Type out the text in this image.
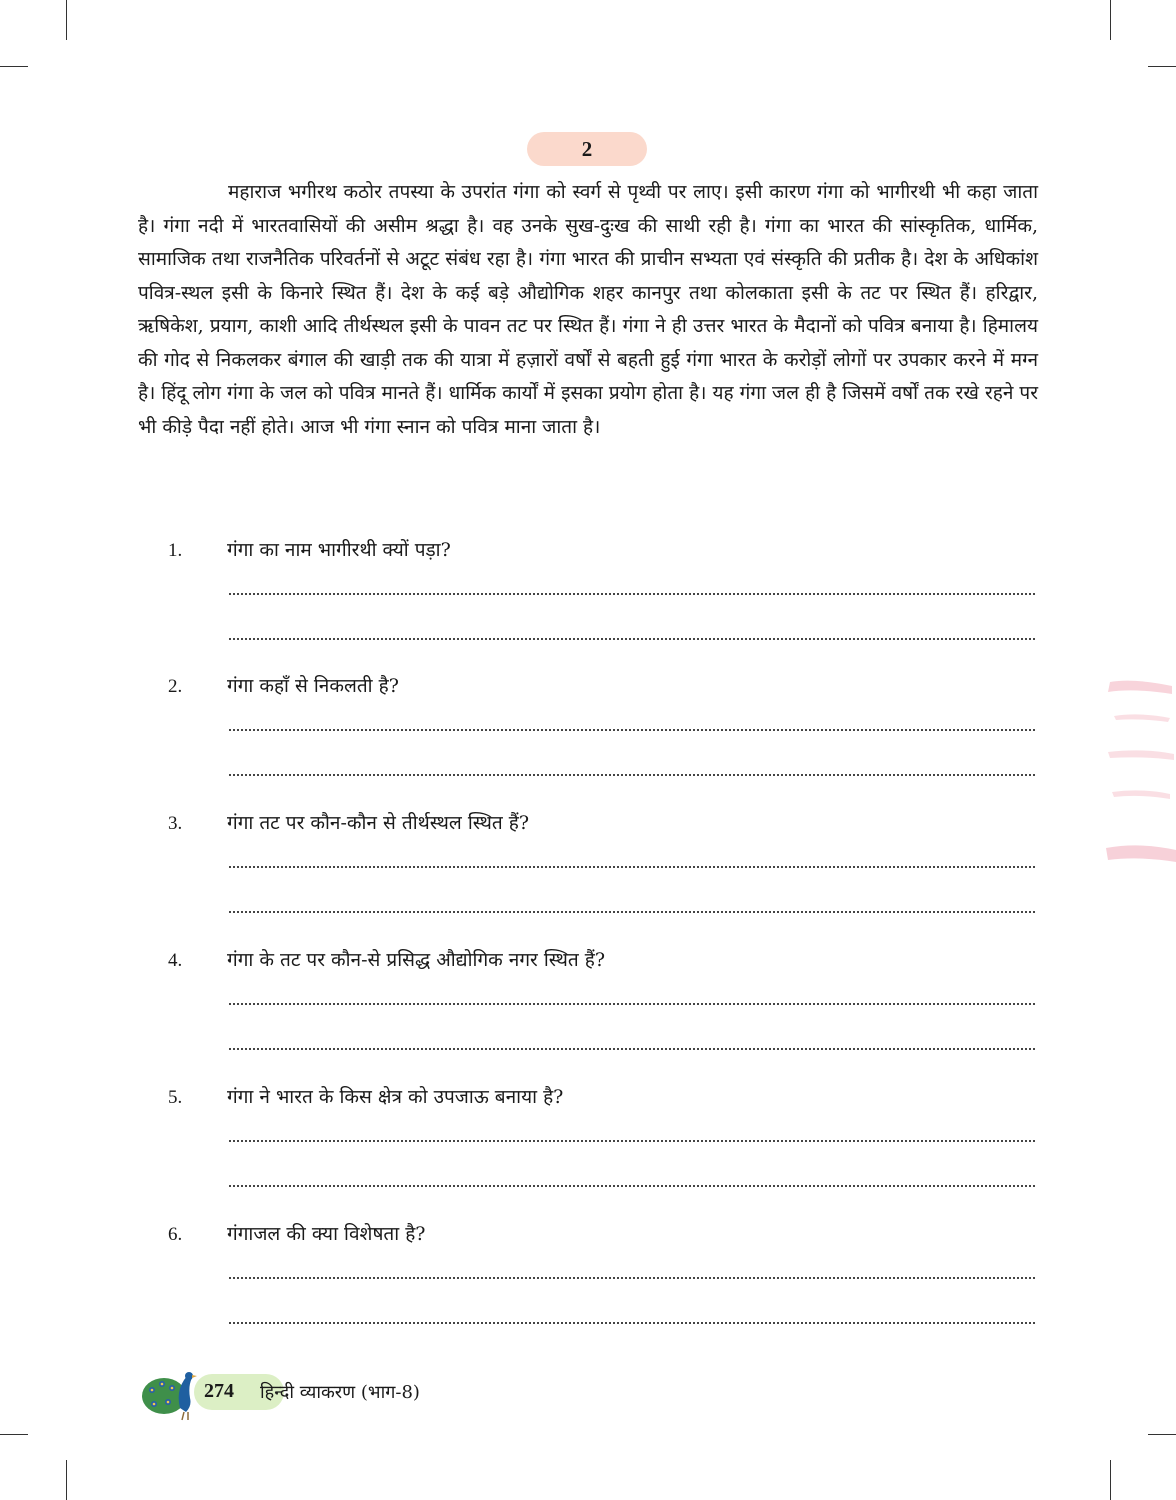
2

महाराज भगीरथ कठोर तपस्या के उपरांत गंगा को स्वर्ग से पृथ्वी पर लाए। इसी कारण गंगा को भागीरथी भी कहा जाता है। गंगा नदी में भारतवासियों की असीम श्रद्धा है। वह उनके सुख-दुःख की साथी रही है। गंगा का भारत की सांस्कृतिक, धार्मिक, सामाजिक तथा राजनैतिक परिवर्तनों से अटूट संबंध रहा है। गंगा भारत की प्राचीन सभ्यता एवं संस्कृति की प्रतीक है। देश के अधिकांश पवित्र-स्थल इसी के किनारे स्थित हैं। देश के कई बड़े औद्योगिक शहर कानपुर तथा कोलकाता इसी के तट पर स्थित हैं। हरिद्वार, ऋषिकेश, प्रयाग, काशी आदि तीर्थस्थल इसी के पावन तट पर स्थित हैं। गंगा ने ही उत्तर भारत के मैदानों को पवित्र बनाया है। हिमालय की गोद से निकलकर बंगाल की खाड़ी तक की यात्रा में हज़ारों वर्षों से बहती हुई गंगा भारत के करोड़ों लोगों पर उपकार करने में मग्न है। हिंदू लोग गंगा के जल को पवित्र मानते हैं। धार्मिक कार्यों में इसका प्रयोग होता है। यह गंगा जल ही है जिसमें वर्षों तक रखे रहने पर भी कीड़े पैदा नहीं होते। आज भी गंगा स्नान को पवित्र माना जाता है।

1.	गंगा का नाम भागीरथी क्यों पड़ा?
2.	गंगा कहाँ से निकलती है?
3.	गंगा तट पर कौन-कौन से तीर्थस्थल स्थित हैं?
4.	गंगा के तट पर कौन-से प्रसिद्ध औद्योगिक नगर स्थित हैं?
5.	गंगा ने भारत के किस क्षेत्र को उपजाऊ बनाया है?
6.	गंगाजल की क्या विशेषता है?
274 हिन्दी व्याकरण (भाग-8)
